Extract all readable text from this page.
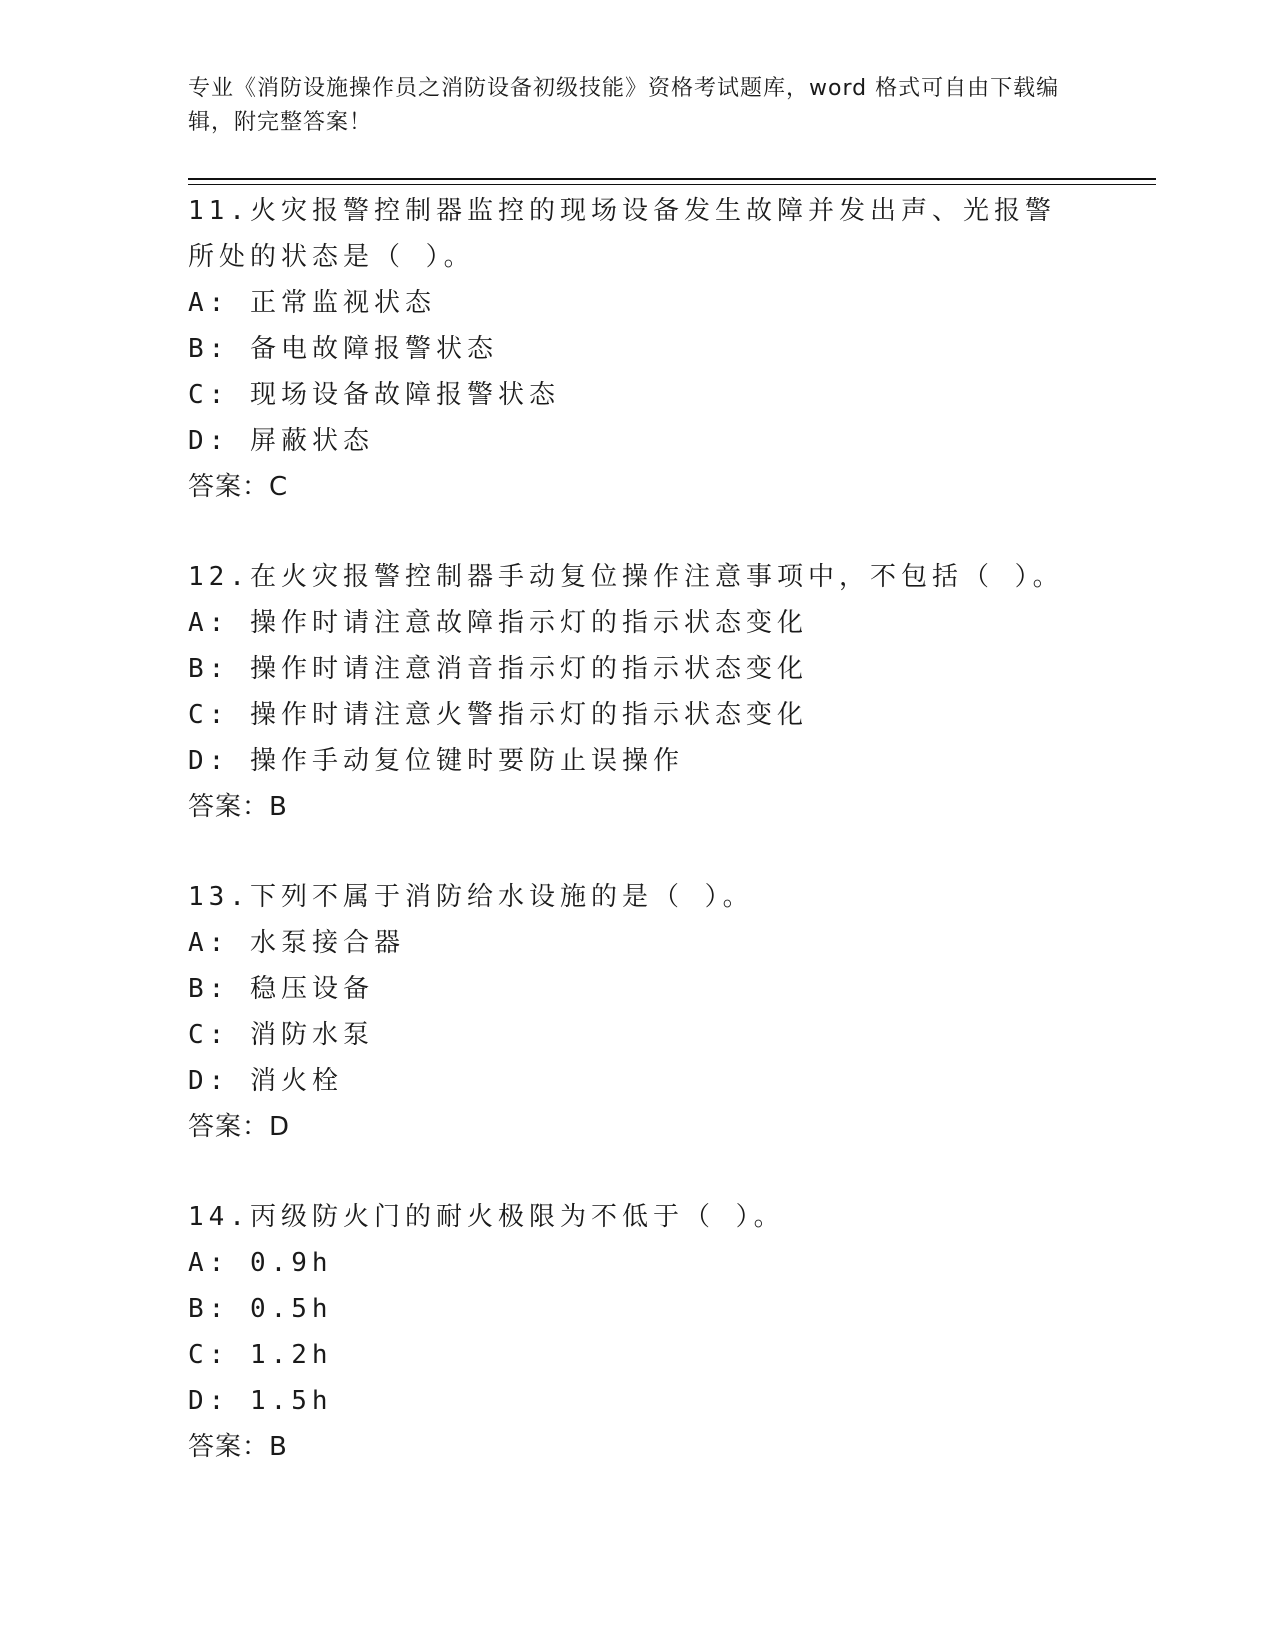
专业《消防设施操作员之消防设备初级技能》资格考试题库，word 格式可自由下载编辑，附完整答案！
11.火灾报警控制器监控的现场设备发生故障并发出声、光报警所处的状态是（ ）。
A: 正常监视状态
B: 备电故障报警状态
C: 现场设备故障报警状态
D: 屏蔽状态
答案：C
12.在火灾报警控制器手动复位操作注意事项中，不包括（ ）。
A: 操作时请注意故障指示灯的指示状态变化
B: 操作时请注意消音指示灯的指示状态变化
C: 操作时请注意火警指示灯的指示状态变化
D: 操作手动复位键时要防止误操作
答案：B
13.下列不属于消防给水设施的是（ ）。
A: 水泵接合器
B: 稳压设备
C: 消防水泵
D: 消火栓
答案：D
14.丙级防火门的耐火极限为不低于（ ）。
A: 0.9h
B: 0.5h
C: 1.2h
D: 1.5h
答案：B
